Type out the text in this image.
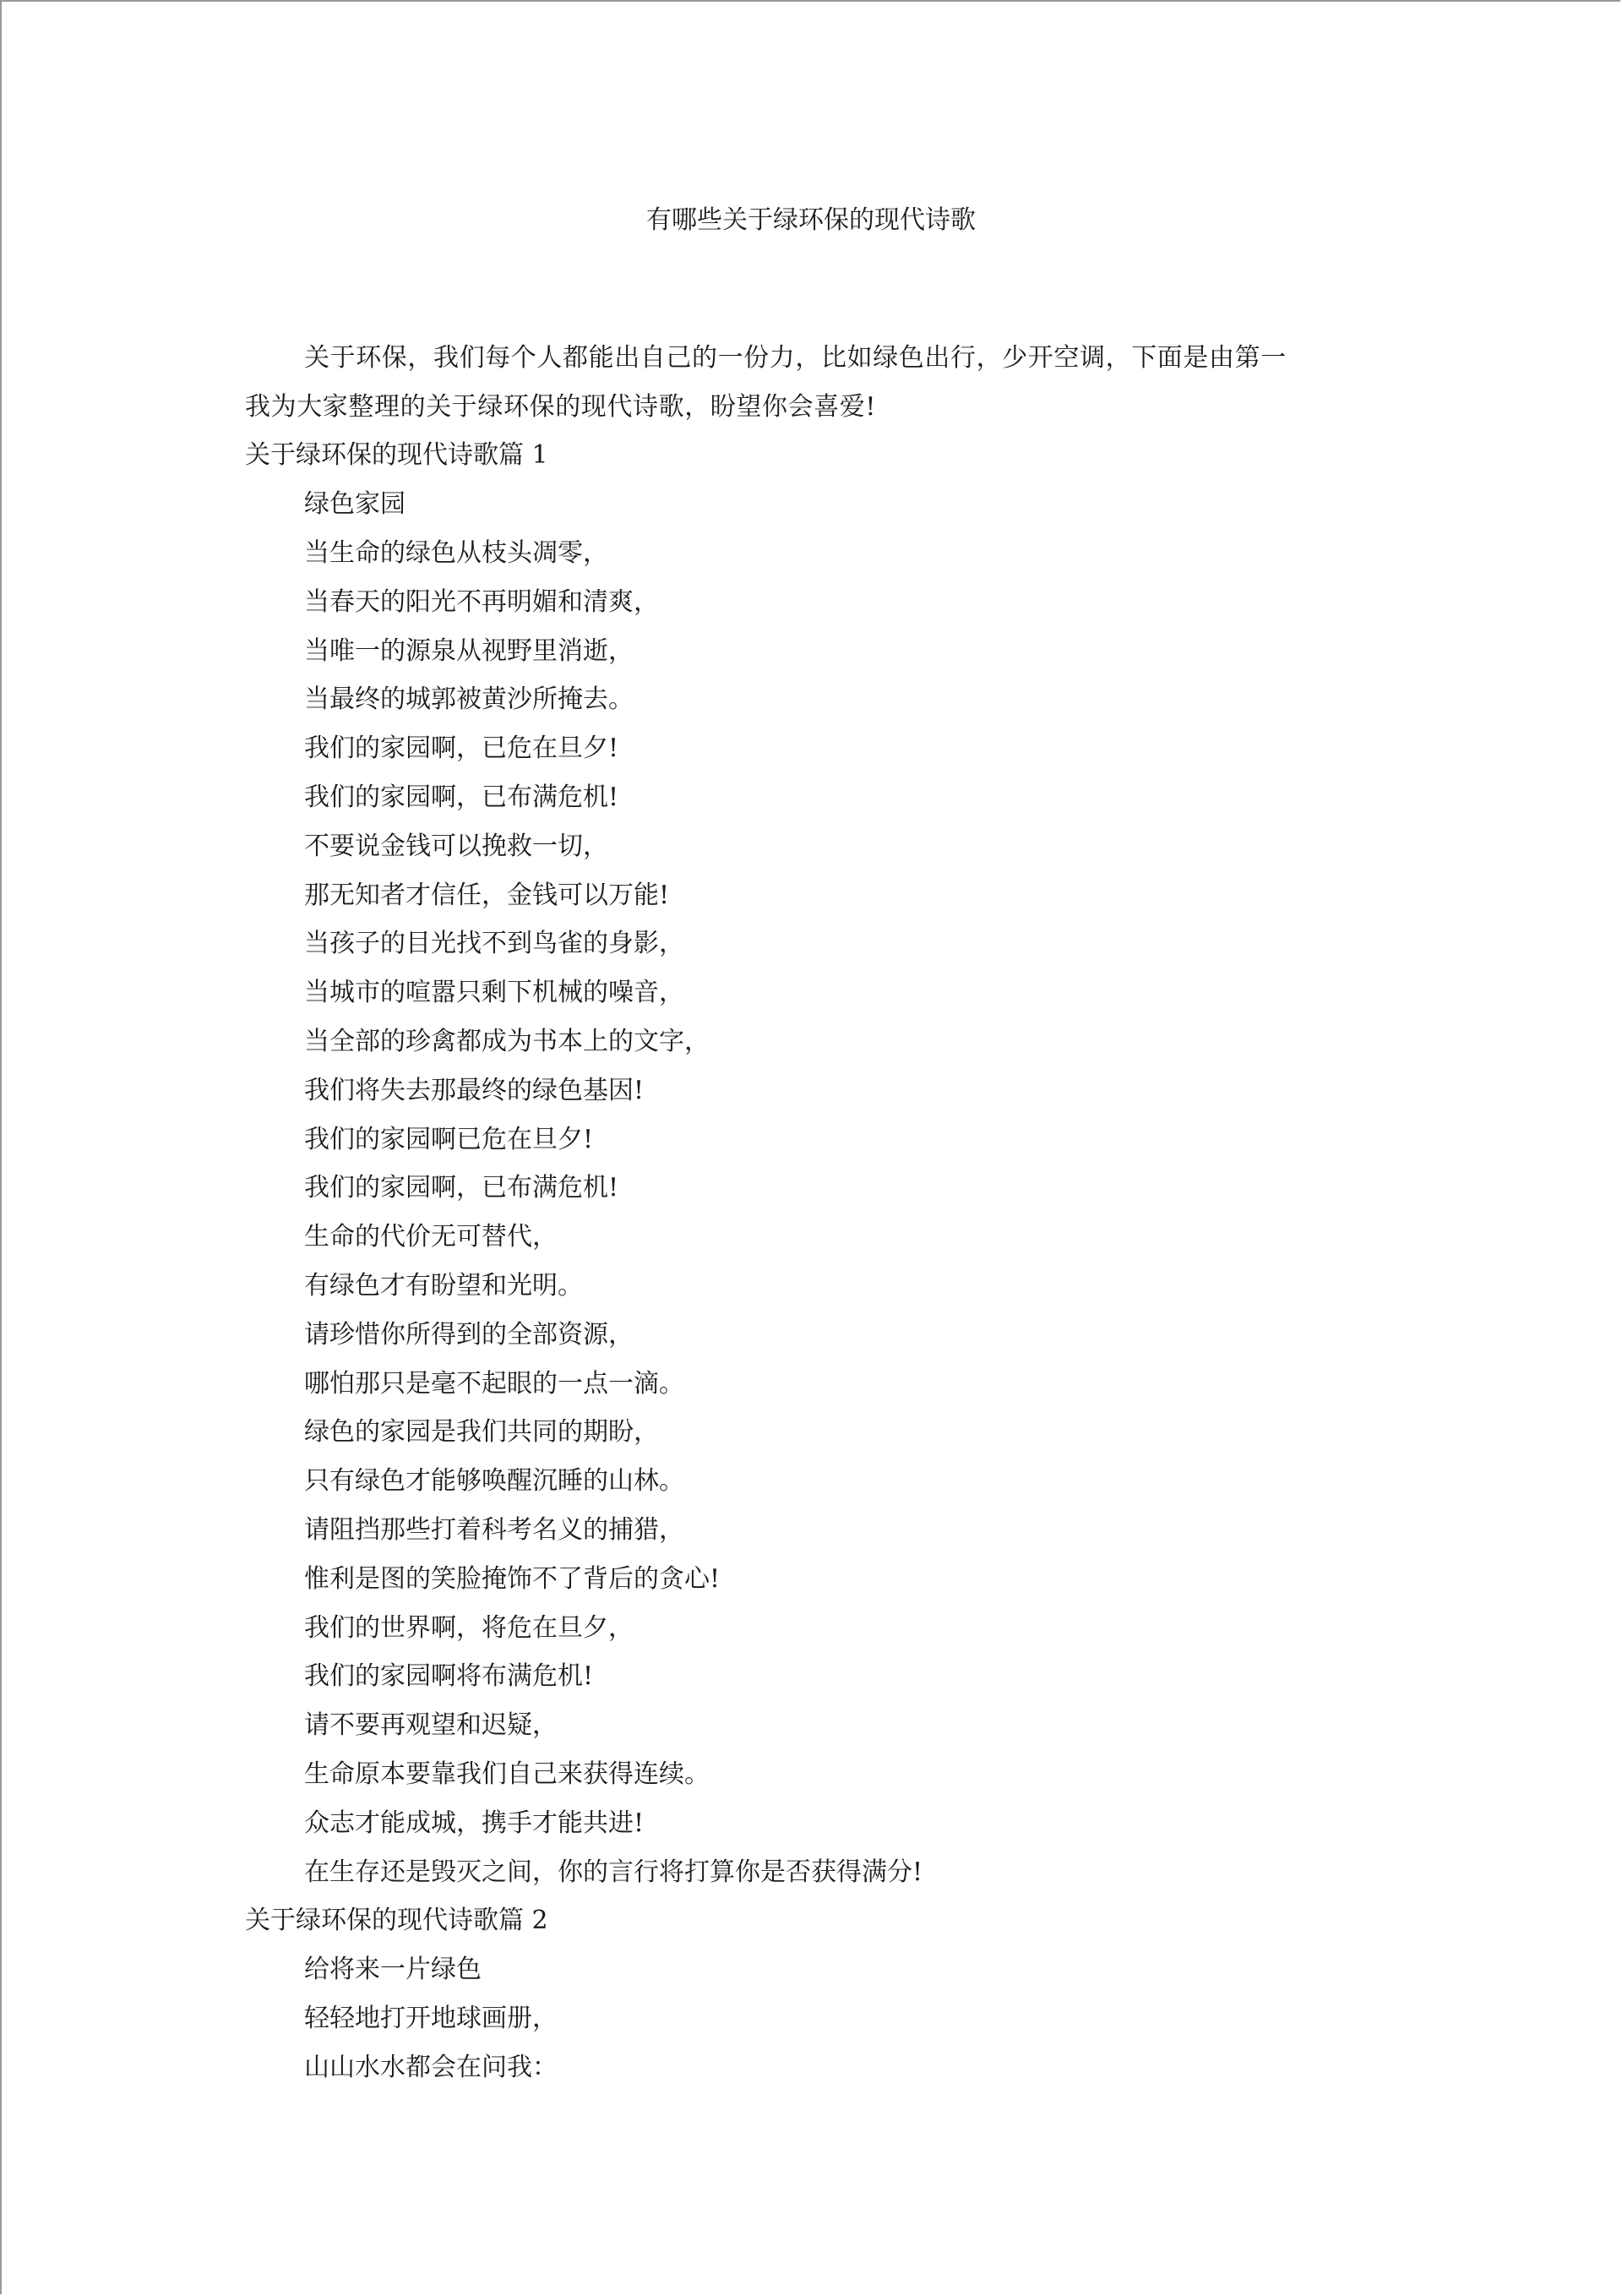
有哪些关于绿环保的现代诗歌

关于环保，我们每个人都能出自己的一份力，比如绿色出行，少开空调，下面是由第一
我为大家整理的关于绿环保的现代诗歌，盼望你会喜爱!

关于绿环保的现代诗歌篇 1

绿色家园

当生命的绿色从枝头凋零，

当春天的阳光不再明媚和清爽，

当唯一的源泉从视野里消逝，

当最终的城郭被黄沙所掩去。

我们的家园啊，已危在旦夕!

我们的家园啊，已布满危机!

不要说金钱可以挽救一切，

那无知者才信任，金钱可以万能!

当孩子的目光找不到鸟雀的身影，

当城市的喧嚣只剩下机械的噪音，

当全部的珍禽都成为书本上的文字，

我们将失去那最终的绿色基因!

我们的家园啊已危在旦夕!

我们的家园啊，已布满危机!

生命的代价无可替代，

有绿色才有盼望和光明。

请珍惜你所得到的全部资源，

哪怕那只是毫不起眼的一点一滴。

绿色的家园是我们共同的期盼，

只有绿色才能够唤醒沉睡的山林。

请阻挡那些打着科考名义的捕猎，

惟利是图的笑脸掩饰不了背后的贪心!

我们的世界啊，将危在旦夕，

我们的家园啊将布满危机!

请不要再观望和迟疑，

生命原本要靠我们自己来获得连续。

众志才能成城，携手才能共进!

在生存还是毁灭之间，你的言行将打算你是否获得满分!

关于绿环保的现代诗歌篇 2

给将来一片绿色

轻轻地打开地球画册，

山山水水都会在问我：
